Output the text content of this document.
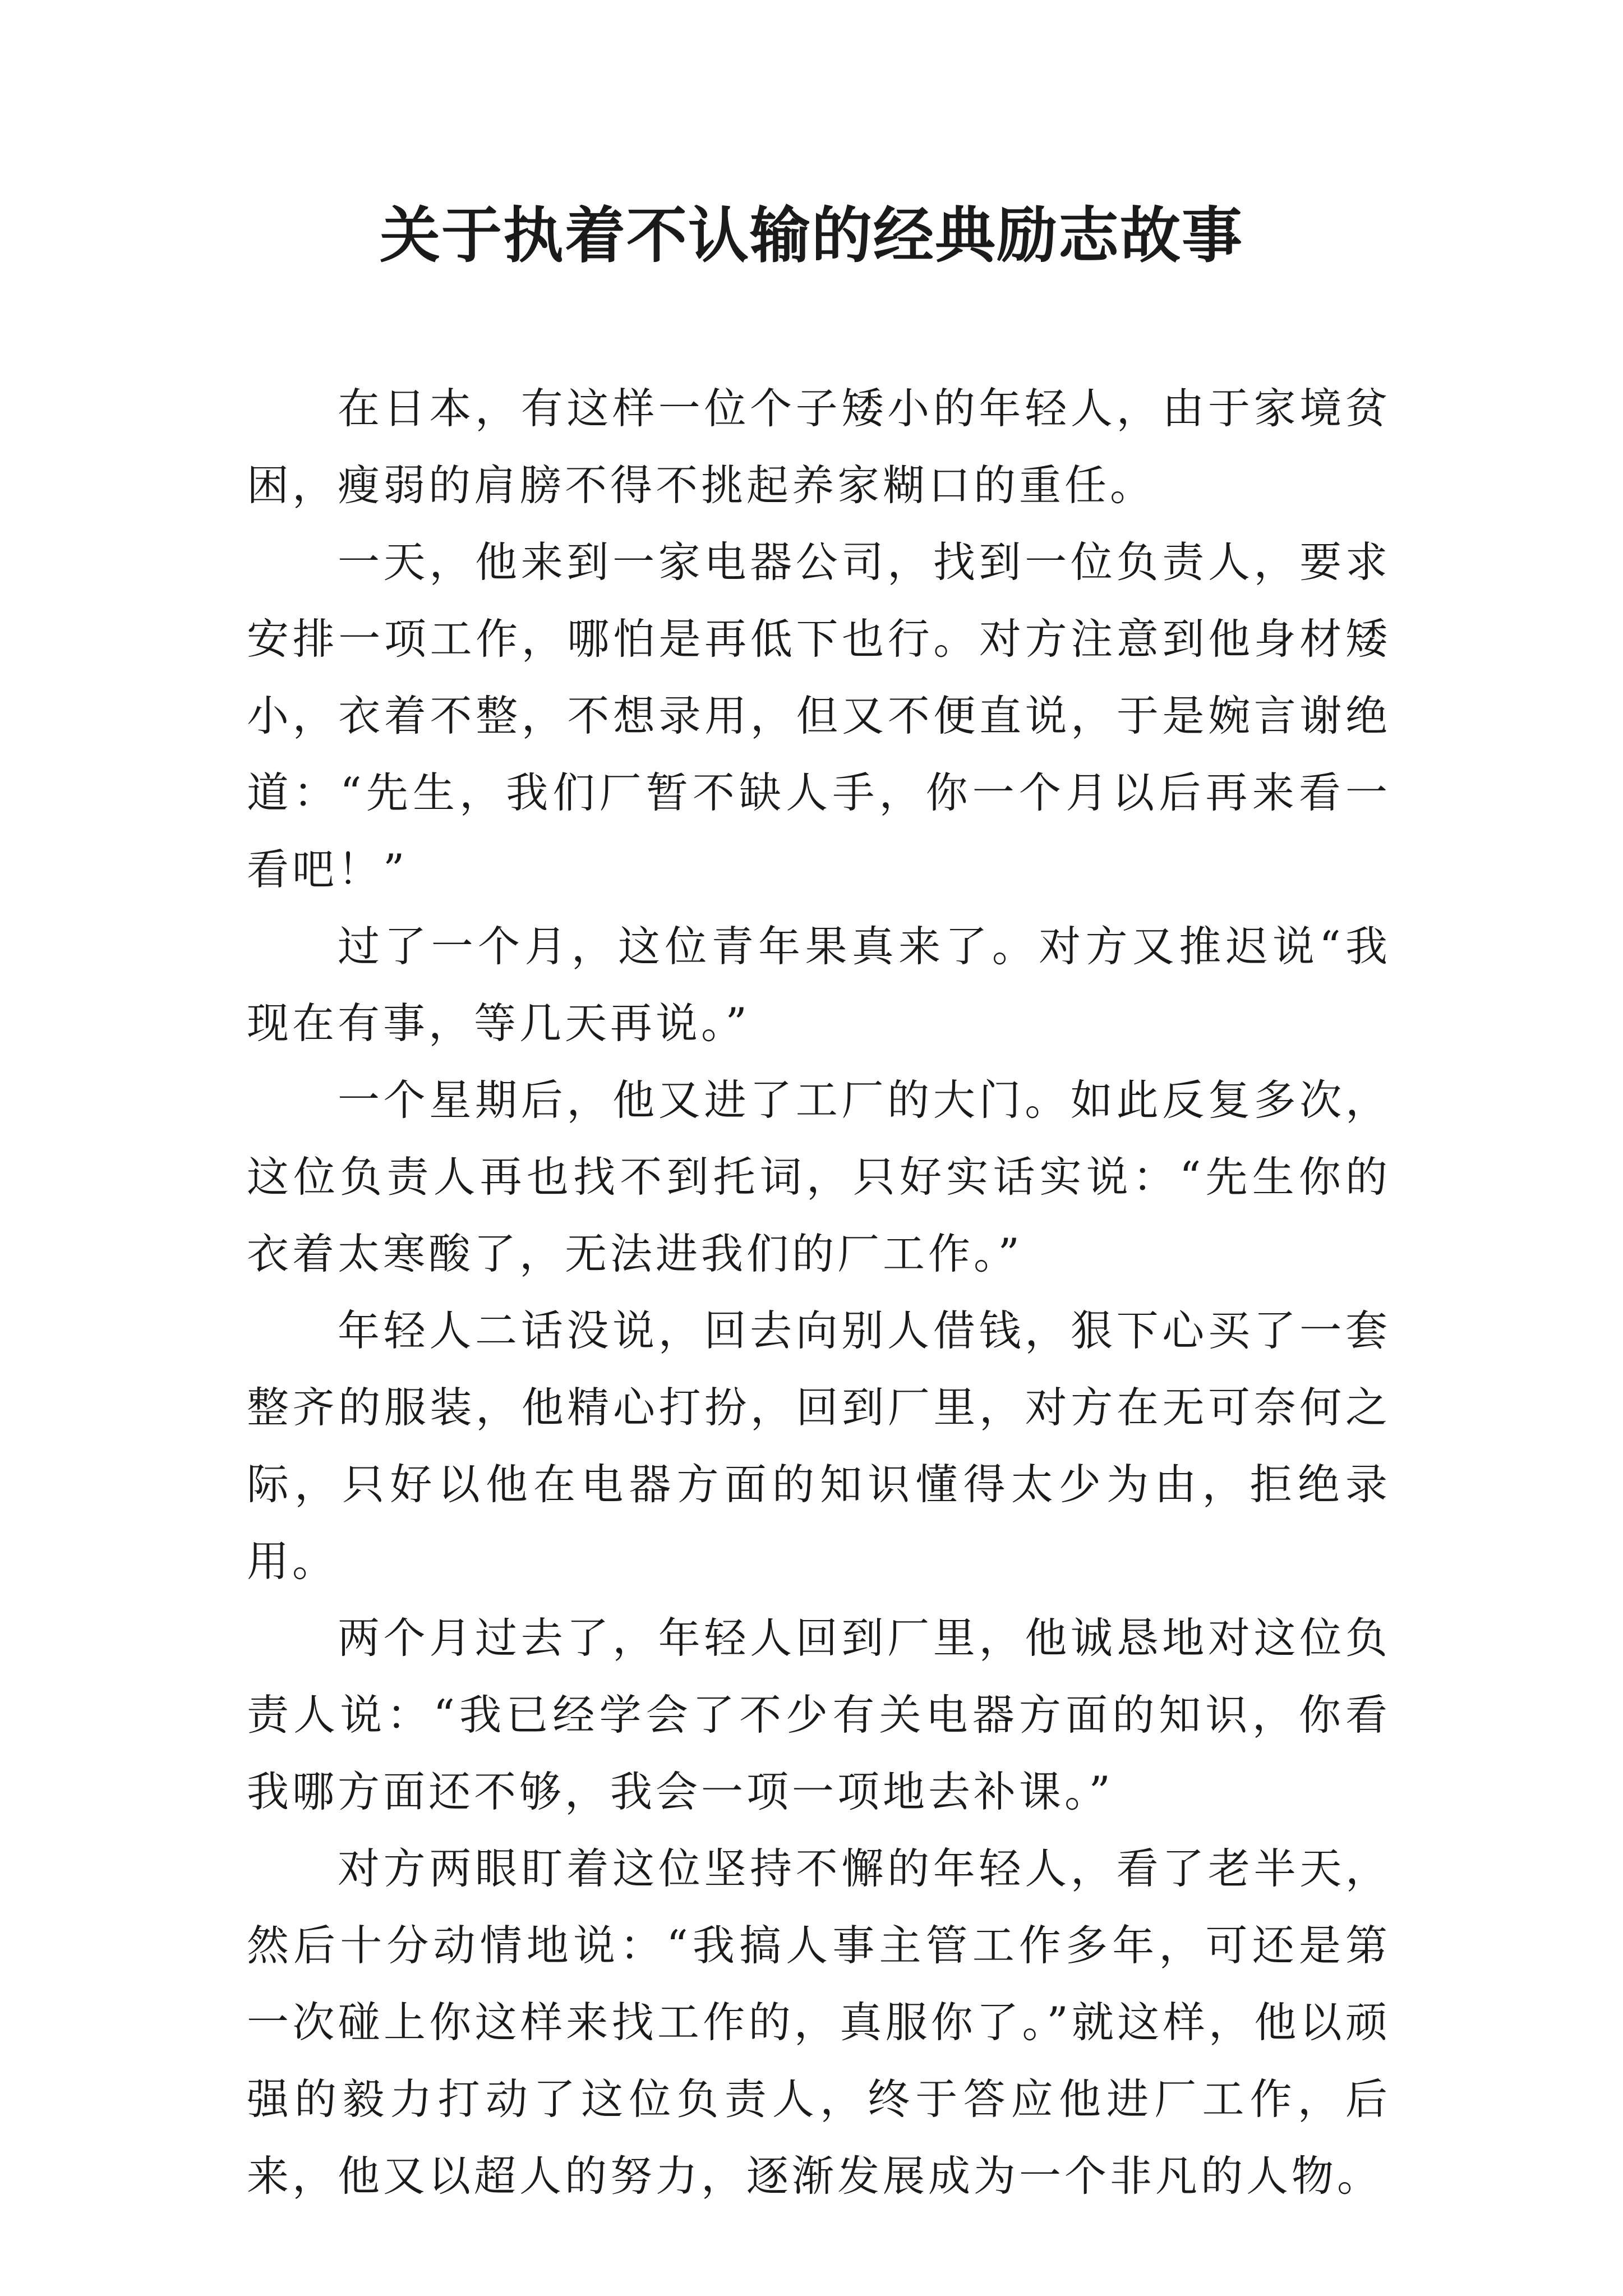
关于执着不认输的经典励志故事

在日本，有这样一位个子矮小的年轻人，由于家境贫困，瘦弱的肩膀不得不挑起养家糊口的重任。

一天，他来到一家电器公司，找到一位负责人，要求安排一项工作，哪怕是再低下也行。对方注意到他身材矮小，衣着不整，不想录用，但又不便直说，于是婉言谢绝道：“先生，我们厂暂不缺人手，你一个月以后再来看一看吧！”

过了一个月，这位青年果真来了。对方又推迟说“我现在有事，等几天再说。”

一个星期后，他又进了工厂的大门。如此反复多次，这位负责人再也找不到托词，只好实话实说：“先生你的衣着太寒酸了，无法进我们的厂工作。”

年轻人二话没说，回去向别人借钱，狠下心买了一套整齐的服装，他精心打扮，回到厂里，对方在无可奈何之际，只好以他在电器方面的知识懂得太少为由，拒绝录用。

两个月过去了，年轻人回到厂里，他诚恳地对这位负责人说：“我已经学会了不少有关电器方面的知识，你看我哪方面还不够，我会一项一项地去补课。”

对方两眼盯着这位坚持不懈的年轻人，看了老半天，然后十分动情地说：“我搞人事主管工作多年，可还是第一次碰上你这样来找工作的，真服你了。”就这样，他以顽强的毅力打动了这位负责人，终于答应他进厂工作，后来，他又以超人的努力，逐渐发展成为一个非凡的人物。
